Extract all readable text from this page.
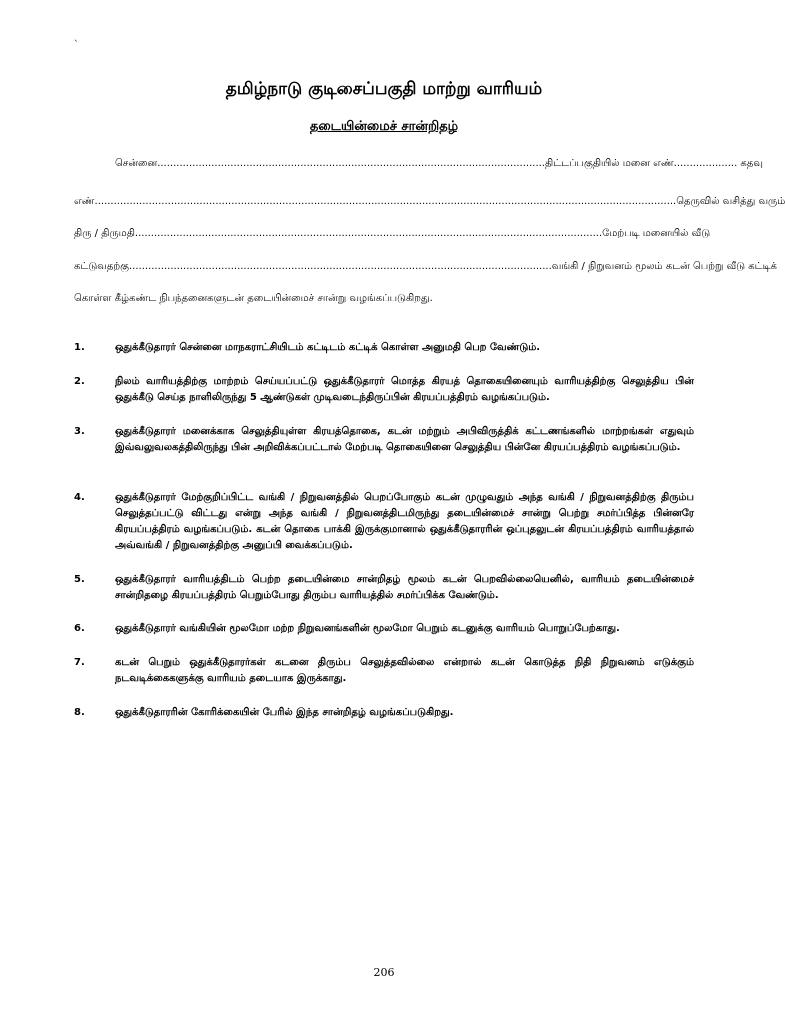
`
தமிழ்நாடு குடிசைப்பகுதி மாற்று வாரியம்
தடையின்மைச் சான்றிதழ்
சென்னை..........................................................................................................................திட்டப்பகுதியில் மனை எண்.................... கதவு
எண்.......................................................................................................................................................................................தெருவில் வசித்து வரும்
திரு / திருமதி...................................................................................................................................................மேற்படி மனையில் வீடு
கட்டுவதற்கு.....................................................................................................................................வங்கி / நிறுவனம் மூலம் கடன் பெற்று வீடு கட்டிக்
கொள்ள கீழ்கண்ட நிபந்தனைகளுடன் தடையின்மைச் சான்று வழங்கப்படுகிறது.
1.	ஒதுக்கீடுதாரர் சென்னை மாநகராட்சியிடம் கட்டிடம் கட்டிக் கொள்ள அனுமதி பெற வேண்டும்.
2.	நிலம் வாரியத்திற்கு மாற்றம் செய்யப்பட்டு ஒதுக்கீடுதாரர் மொத்த கிரயத் தொகையினையும் வாரியத்திற்கு செலுத்திய பின் ஒதுக்கீடு செய்த நாளிலிருந்து 5 ஆண்டுகள் முடிவடைந்திருப்பின் கிரயப்பத்திரம் வழங்கப்படும்.
3.	ஒதுக்கீடுதாரர் மனைக்காக செலுத்தியுள்ள கிரயத்தொகை, கடன் மற்றும் அபிவிருத்திக் கட்டணங்களில் மாற்றங்கள் எதுவும் இவ்வலுவலகத்திலிருந்து பின் அறிவிக்கப்பட்டால் மேற்படி தொகையினை செலுத்திய பின்னே கிரயப்பத்திரம் வழங்கப்படும்.
4.	ஒதுக்கீடுதாரர் மேற்குறிப்பிட்ட வங்கி / நிறுவனத்தில் பெறப்போகும் கடன் முழுவதும் அந்த வங்கி / நிறுவனத்திற்கு திரும்ப செலுத்தப்பட்டு விட்டது என்று அந்த வங்கி / நிறுவனத்திடமிருந்து தடையின்மைச் சான்று பெற்று சமர்ப்பித்த பின்னரே கிரயப்பத்திரம் வழங்கப்படும். கடன் தொகை பாக்கி இருக்குமானால் ஒதுக்கீடுதாரரின் ஒப்புதலுடன் கிரயப்பத்திரம் வாரியத்தால் அவ்வங்கி / நிறுவனத்திற்கு அனுப்பி வைக்கப்படும்.
5.	ஒதுக்கீடுதாரர் வாரியத்திடம் பெற்ற தடையின்மை சான்றிதழ் மூலம் கடன் பெறவில்லையெனில், வாரியம் தடையின்மைச் சான்றிதழை கிரயப்பத்திரம் பெறும்போது திரும்ப வாரியத்தில் சமர்ப்பிக்க வேண்டும்.
6.	ஒதுக்கீடுதாரர் வங்கியின் மூலமோ மற்ற நிறுவனங்களின் மூலமோ பெறும் கடனுக்கு வாரியம் பொறுப்பேற்காது.
7.	கடன் பெறும் ஒதுக்கீடுதாரர்கள் கடனை திரும்ப செலுத்தவில்லை என்றால் கடன் கொடுத்த நிதி நிறுவனம் எடுக்கும் நடவடிக்கைகளுக்கு வாரியம் தடையாக இருக்காது.
8.	ஒதுக்கீடுதாரரின் கோரிக்கையின் பேரில் இந்த சான்றிதழ் வழங்கப்படுகிறது.
206
